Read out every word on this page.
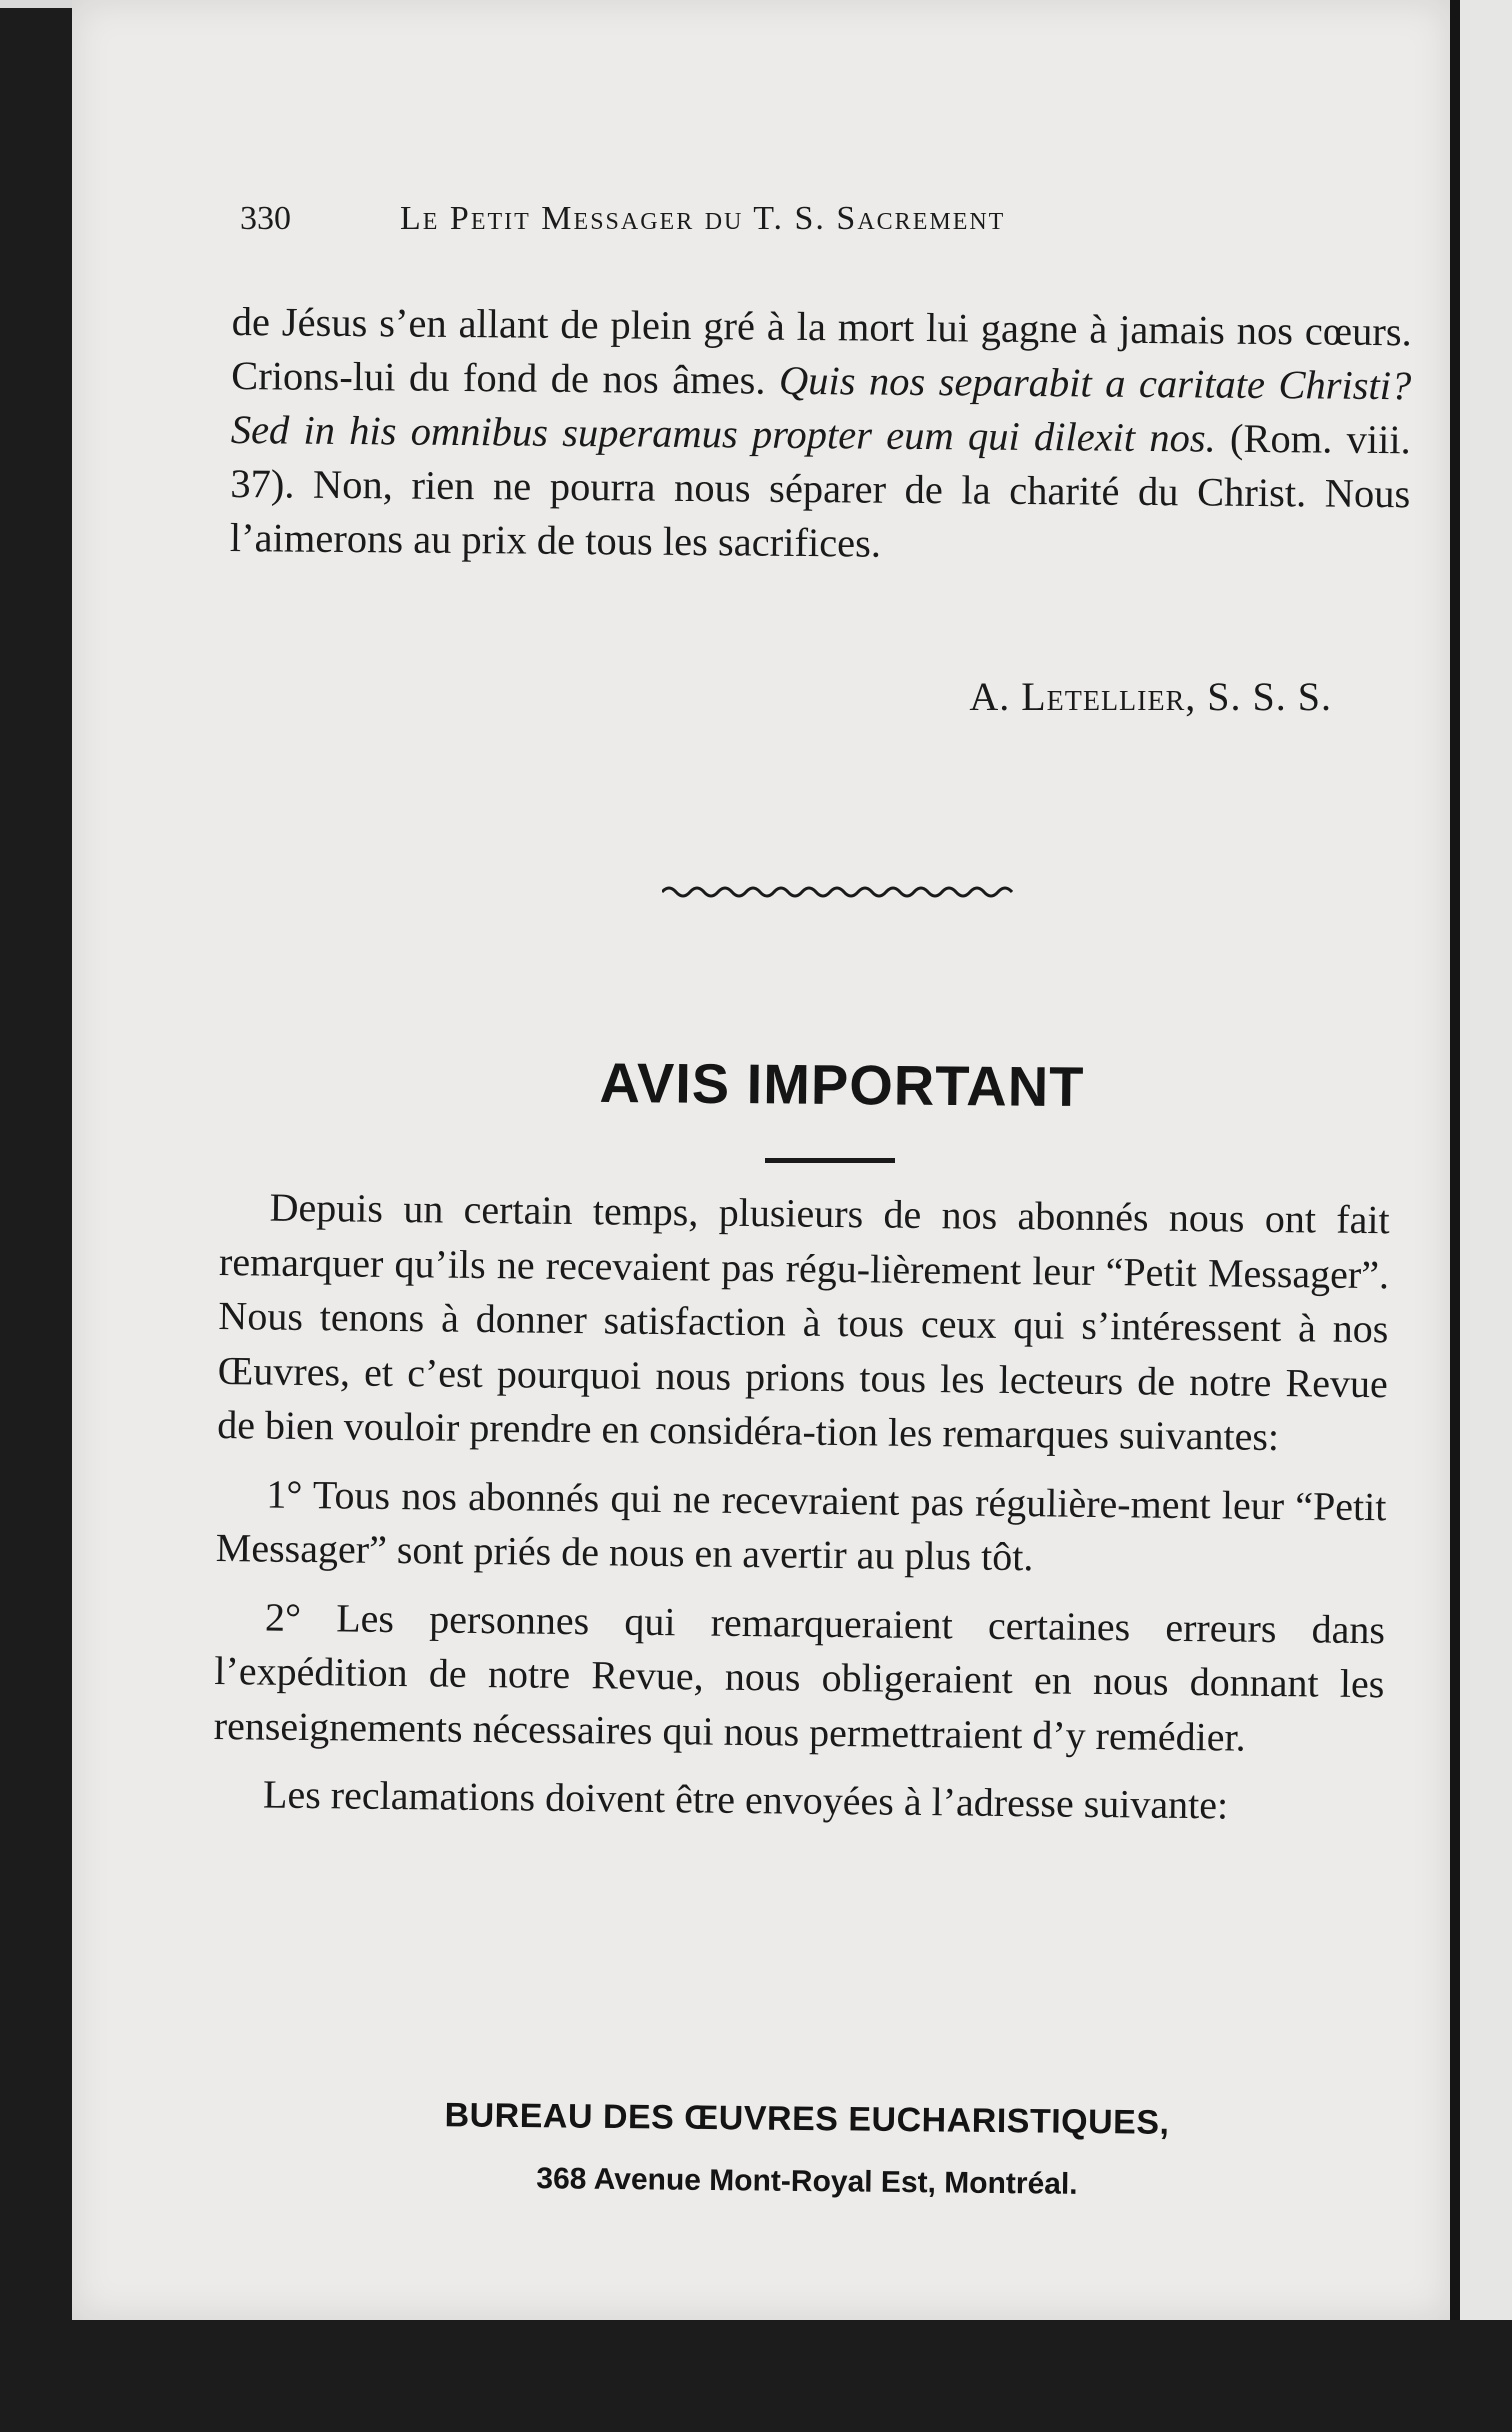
330	Le Petit Messager du T. S. Sacrement
de Jésus s’en allant de plein gré à la mort lui gagne à jamais nos cœurs. Crions-lui du fond de nos âmes. Quis nos separabit a caritate Christi? Sed in his omnibus superamus propter eum qui dilexit nos. (Rom. viii. 37). Non, rien ne pourra nous séparer de la charité du Christ. Nous l’aimerons au prix de tous les sacrifices.
A. Letellier, S. S. S.
AVIS IMPORTANT

Depuis un certain temps, plusieurs de nos abonnés nous ont fait remarquer qu’ils ne recevaient pas régu-lièrement leur “Petit Messager”. Nous tenons à donner satisfaction à tous ceux qui s’intéressent à nos Œuvres, et c’est pourquoi nous prions tous les lecteurs de notre Revue de bien vouloir prendre en considéra-tion les remarques suivantes:

1° Tous nos abonnés qui ne recevraient pas régulière-ment leur “Petit Messager” sont priés de nous en avertir au plus tôt.

2° Les personnes qui remarqueraient certaines erreurs dans l’expédition de notre Revue, nous obligeraient en nous donnant les renseignements nécessaires qui nous permettraient d’y remédier.

Les reclamations doivent être envoyées à l’adresse suivante:

BUREAU DES ŒUVRES EUCHARISTIQUES,
368 Avenue Mont-Royal Est, Montréal.
